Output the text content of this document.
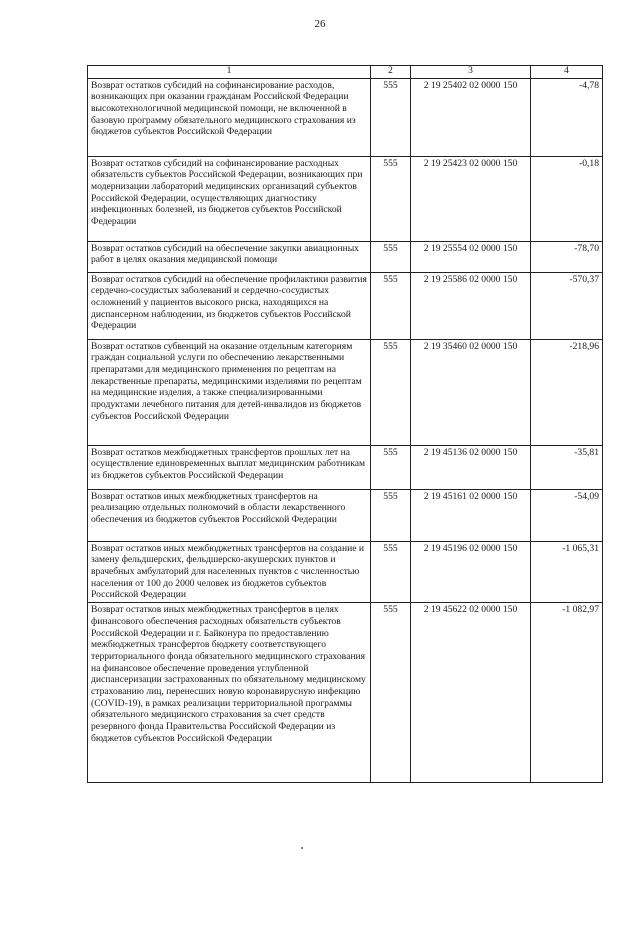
26
1	2	3	4
Возврат остатков субсидий на софинансирование расходов, возникающих при оказании гражданам Российской Федерации высокотехнологичной медицинской помощи, не включенной в базовую программу обязательного медицинского страхования из бюджетов субъектов Российской Федерации	555	2 19 25402 02 0000 150	-4,78
Возврат остатков субсидий на софинансирование расходных обязательств субъектов Российской Федерации, возникающих при модернизации лабораторий медицинских организаций субъектов Российской Федерации, осуществляющих диагностику инфекционных болезней, из бюджетов субъектов Российской Федерации	555	2 19 25423 02 0000 150	-0,18
Возврат остатков субсидий на обеспечение закупки авиационных работ в целях оказания медицинской помощи	555	2 19 25554 02 0000 150	-78,70
Возврат остатков субсидий на обеспечение профилактики развития сердечно-сосудистых заболеваний и сердечно-сосудистых осложнений у пациентов высокого риска, находящихся на диспансерном наблюдении, из бюджетов субъектов Российской Федерации	555	2 19 25586 02 0000 150	-570,37
Возврат остатков субвенций на оказание отдельным категориям граждан социальной услуги по обеспечению лекарственными препаратами для медицинского применения по рецептам на лекарственные препараты, медицинскими изделиями по рецептам на медицинские изделия, а также специализированными продуктами лечебного питания для детей-инвалидов из бюджетов субъектов Российской Федерации	555	2 19 35460 02 0000 150	-218,96
Возврат остатков межбюджетных трансфертов прошлых лет на осуществление единовременных выплат медицинским работникам из бюджетов субъектов Российской Федерации	555	2 19 45136 02 0000 150	-35,81
Возврат остатков иных межбюджетных трансфертов на реализацию отдельных полномочий в области лекарственного обеспечения из бюджетов субъектов Российской Федерации	555	2 19 45161 02 0000 150	-54,09
Возврат остатков иных межбюджетных трансфертов на создание и замену фельдшерских, фельдшерско-акушерских пунктов и врачебных амбулаторий для населенных пунктов с численностью населения от 100 до 2000 человек из бюджетов субъектов Российской Федерации	555	2 19 45196 02 0000 150	-1 065,31
Возврат остатков иных межбюджетных трансфертов в целях финансового обеспечения расходных обязательств субъектов Российской Федерации и г. Байконура по предоставлению межбюджетных трансфертов бюджету соответствующего территориального фонда обязательного медицинского страхования на финансовое обеспечение проведения углубленной диспансеризации застрахованных по обязательному медицинскому страхованию лиц, перенесших новую коронавирусную инфекцию (COVID-19), в рамках реализации территориальной программы обязательного медицинского страхования за счет средств резервного фонда Правительства Российской Федерации из бюджетов субъектов Российской Федерации	555	2 19 45622 02 0000 150	-1 082,97
